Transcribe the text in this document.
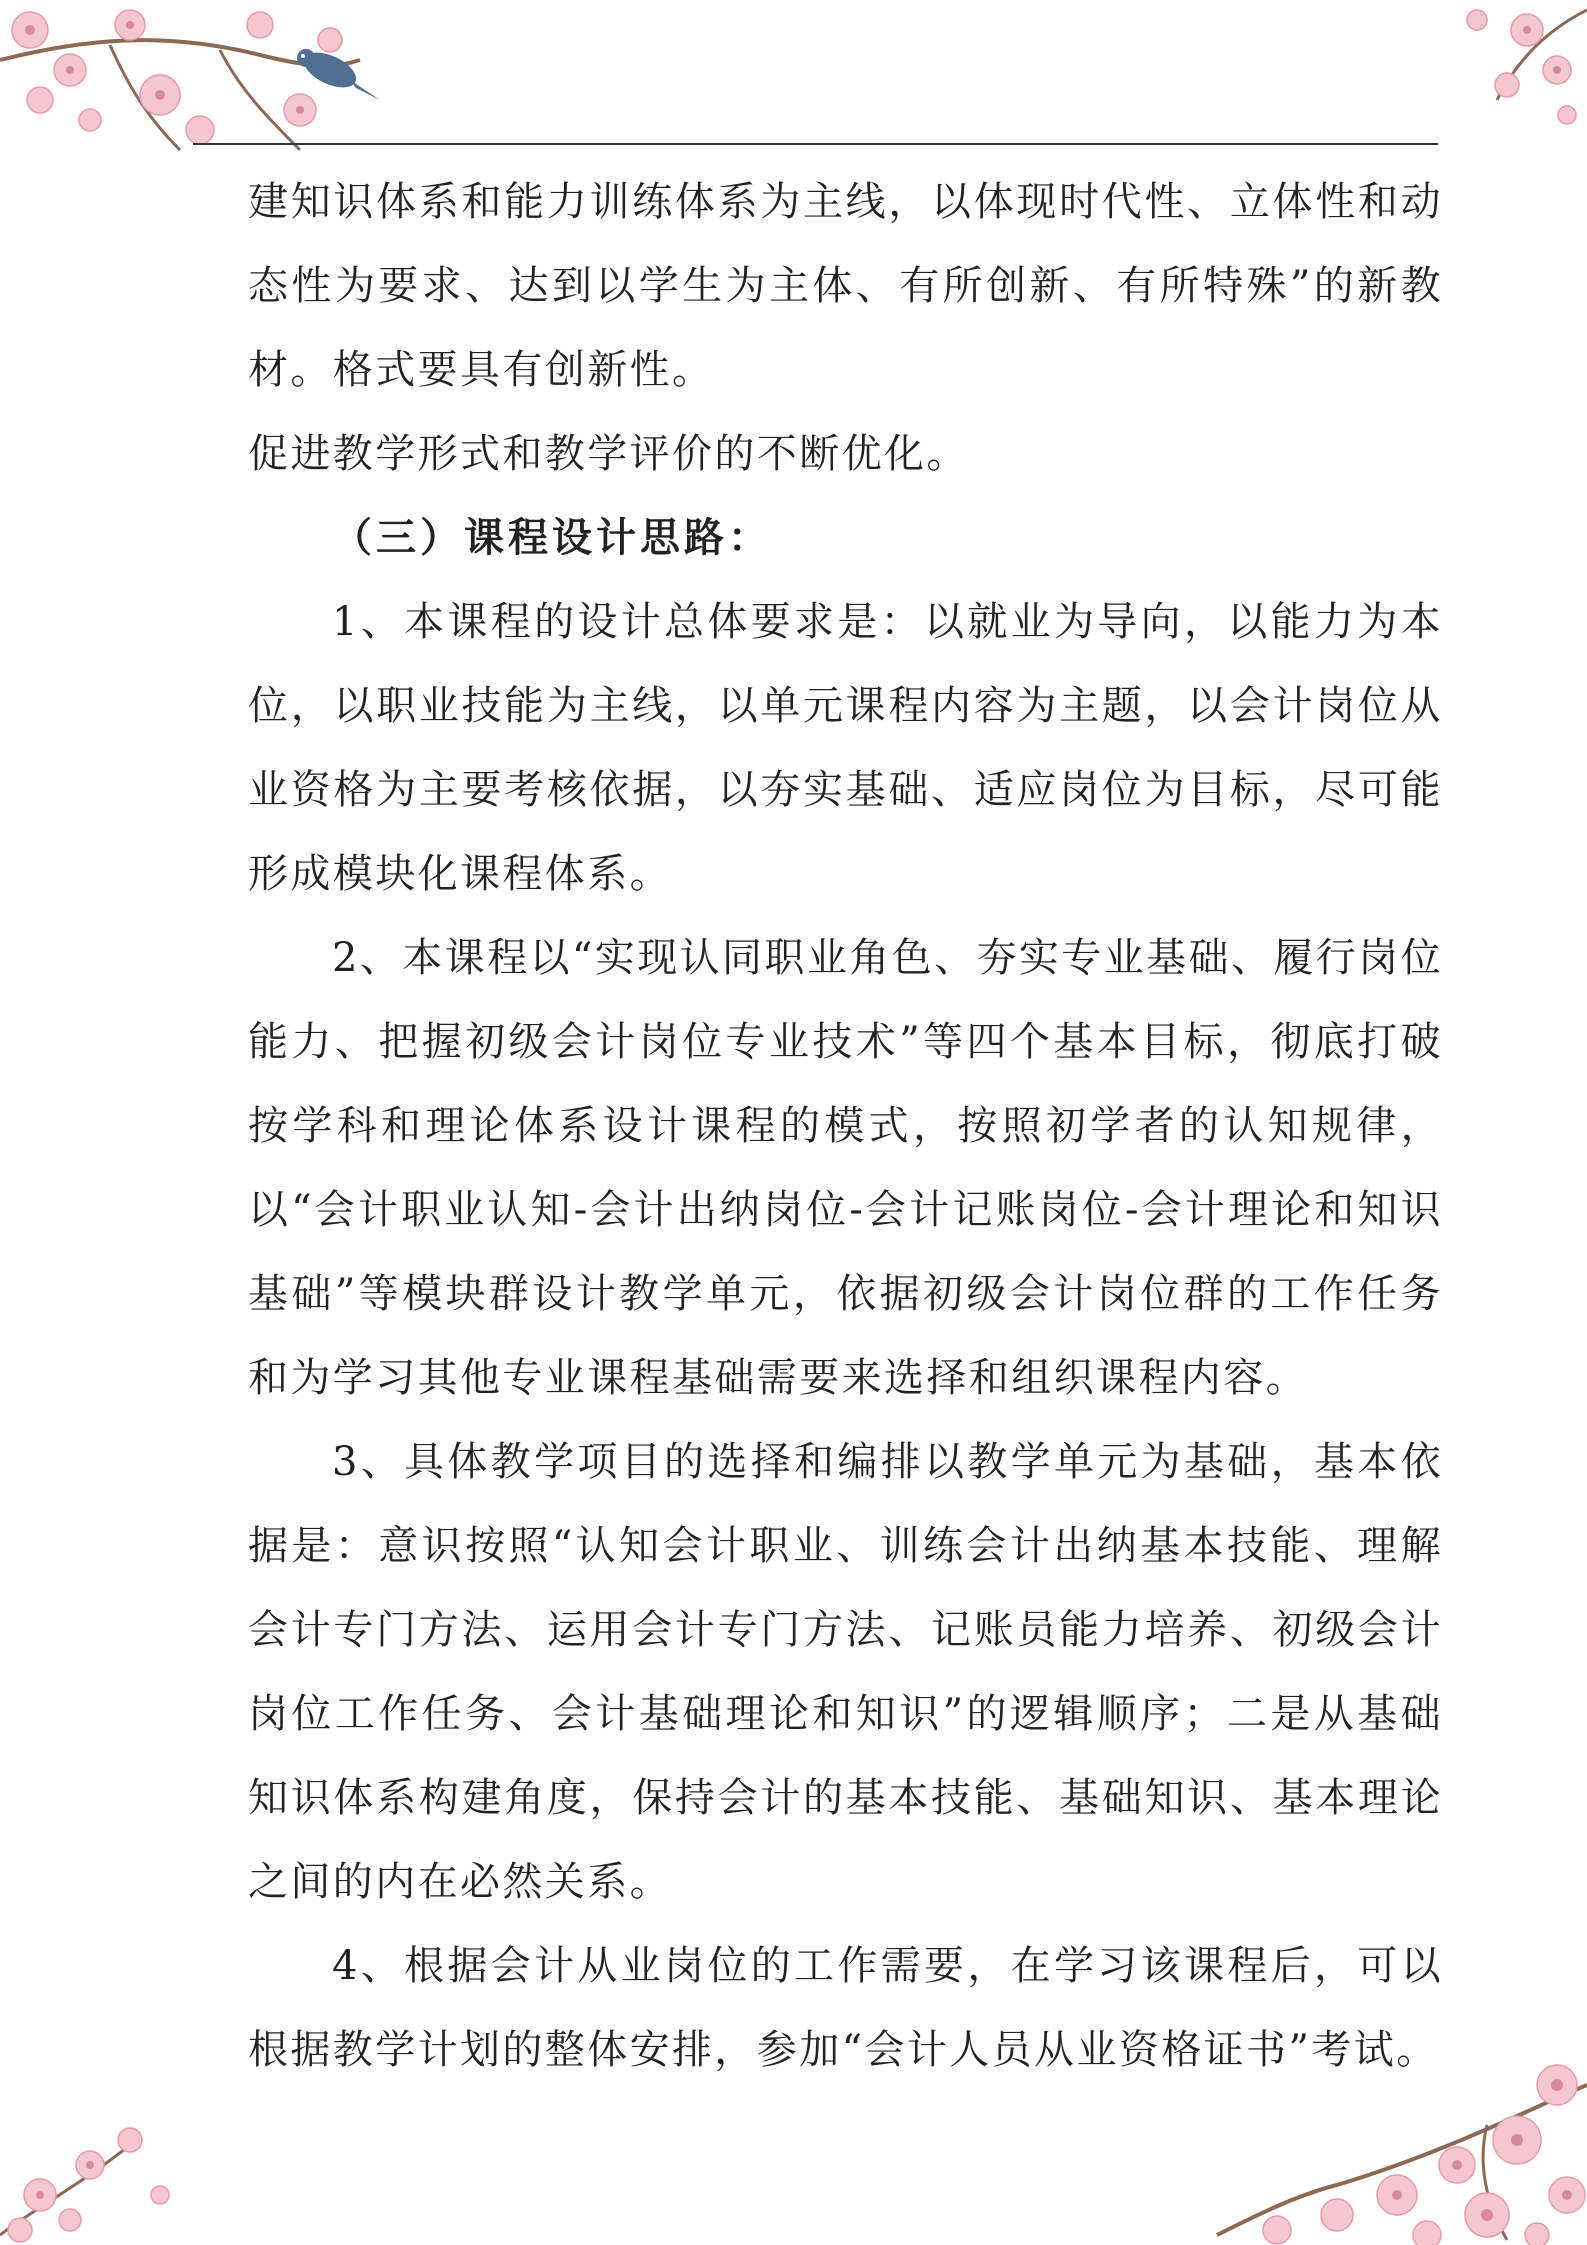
建知识体系和能力训练体系为主线，以体现时代性、立体性和动态性为要求、达到以学生为主体、有所创新、有所特殊”的新教材。格式要具有创新性。

促进教学形式和教学评价的不断优化。

（三）课程设计思路：

1、本课程的设计总体要求是：以就业为导向，以能力为本位，以职业技能为主线，以单元课程内容为主题，以会计岗位从业资格为主要考核依据，以夯实基础、适应岗位为目标，尽可能形成模块化课程体系。

2、本课程以“实现认同职业角色、夯实专业基础、履行岗位能力、把握初级会计岗位专业技术”等四个基本目标，彻底打破按学科和理论体系设计课程的模式，按照初学者的认知规律，以“会计职业认知-会计出纳岗位-会计记账岗位-会计理论和知识基础”等模块群设计教学单元，依据初级会计岗位群的工作任务和为学习其他专业课程基础需要来选择和组织课程内容。

3、具体教学项目的选择和编排以教学单元为基础，基本依据是：意识按照“认知会计职业、训练会计出纳基本技能、理解会计专门方法、运用会计专门方法、记账员能力培养、初级会计岗位工作任务、会计基础理论和知识”的逻辑顺序；二是从基础知识体系构建角度，保持会计的基本技能、基础知识、基本理论之间的内在必然关系。

4、根据会计从业岗位的工作需要，在学习该课程后，可以根据教学计划的整体安排，参加“会计人员从业资格证书”考试。
